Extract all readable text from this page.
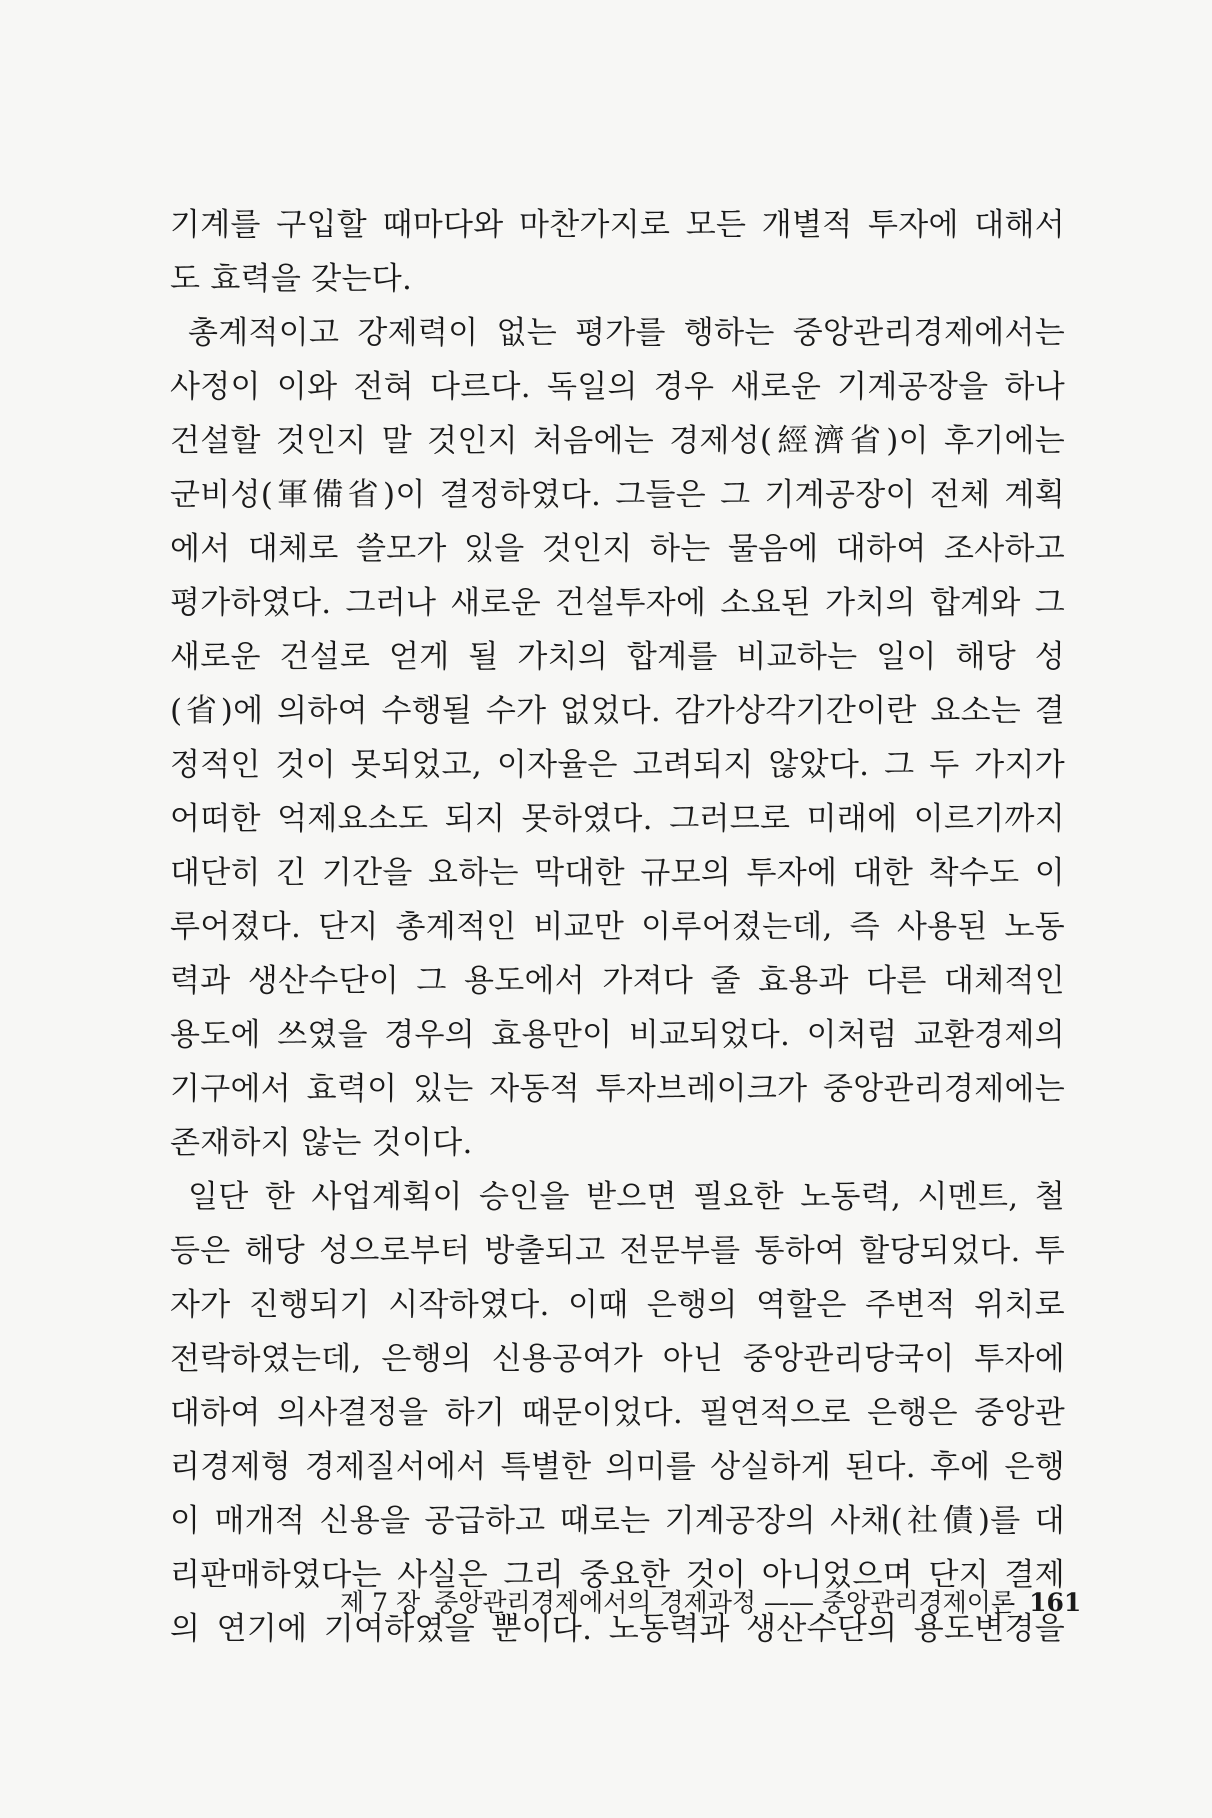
기계를 구입할 때마다와 마찬가지로 모든 개별적 투자에 대해서
도 효력을 갖는다.
총계적이고 강제력이 없는 평가를 행하는 중앙관리경제에서는
사정이 이와 전혀 다르다. 독일의 경우 새로운 기계공장을 하나
건설할 것인지 말 것인지 처음에는 경제성(經濟省)이 후기에는
군비성(軍備省)이 결정하였다. 그들은 그 기계공장이 전체 계획
에서 대체로 쓸모가 있을 것인지 하는 물음에 대하여 조사하고
평가하였다. 그러나 새로운 건설투자에 소요된 가치의 합계와 그
새로운 건설로 얻게 될 가치의 합계를 비교하는 일이 해당 성
(省)에 의하여 수행될 수가 없었다. 감가상각기간이란 요소는 결
정적인 것이 못되었고, 이자율은 고려되지 않았다. 그 두 가지가
어떠한 억제요소도 되지 못하였다. 그러므로 미래에 이르기까지
대단히 긴 기간을 요하는 막대한 규모의 투자에 대한 착수도 이
루어졌다. 단지 총계적인 비교만 이루어졌는데, 즉 사용된 노동
력과 생산수단이 그 용도에서 가져다 줄 효용과 다른 대체적인
용도에 쓰였을 경우의 효용만이 비교되었다. 이처럼 교환경제의
기구에서 효력이 있는 자동적 투자브레이크가 중앙관리경제에는
존재하지 않는 것이다.
일단 한 사업계획이 승인을 받으면 필요한 노동력, 시멘트, 철
등은 해당 성으로부터 방출되고 전문부를 통하여 할당되었다. 투
자가 진행되기 시작하였다. 이때 은행의 역할은 주변적 위치로
전락하였는데, 은행의 신용공여가 아닌 중앙관리당국이 투자에
대하여 의사결정을 하기 때문이었다. 필연적으로 은행은 중앙관
리경제형 경제질서에서 특별한 의미를 상실하게 된다. 후에 은행
이 매개적 신용을 공급하고 때로는 기계공장의 사채(社債)를 대
리판매하였다는 사실은 그리 중요한 것이 아니었으며 단지 결제
의 연기에 기여하였을 뿐이다. 노동력과 생산수단의 용도변경을
제 7 장 중앙관리경제에서의 경제과정 —— 중앙관리경제이론 161
